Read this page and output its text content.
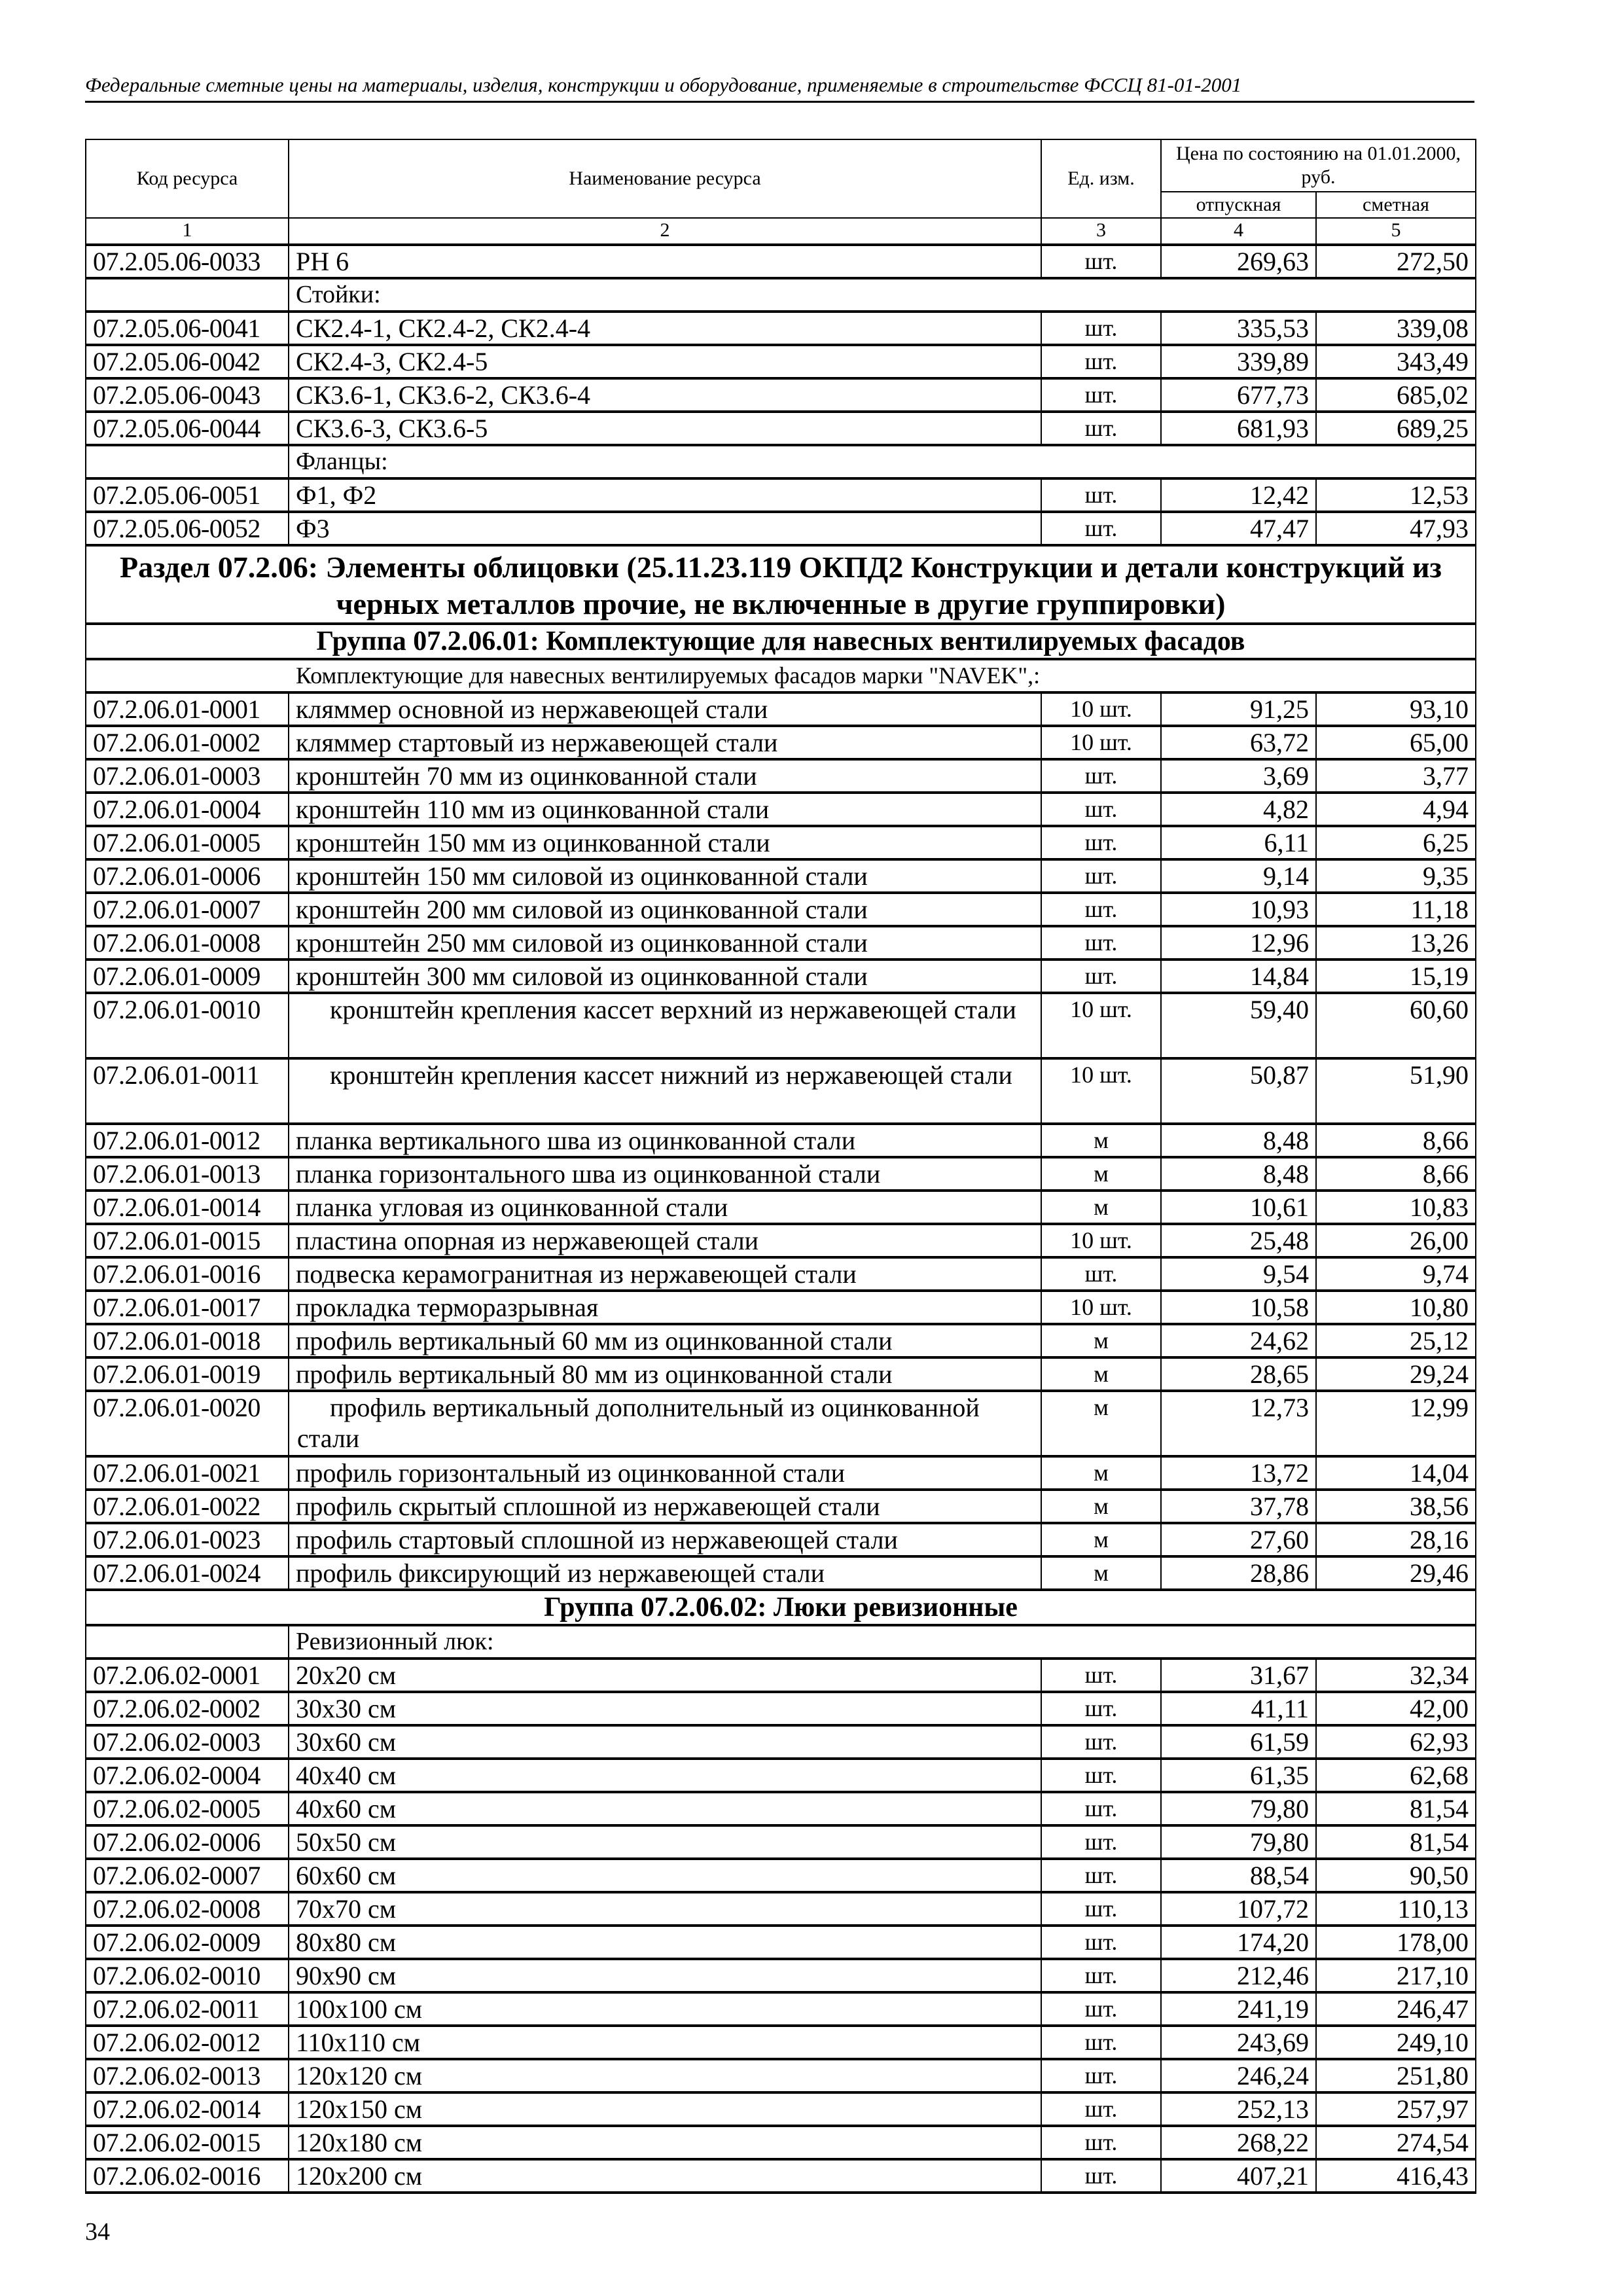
Федеральные сметные цены на материалы, изделия, конструкции и оборудование, применяемые в строительстве ФССЦ 81-01-2001
Код ресурса	Наименование ресурса	Ед. изм.	Цена по состоянию на 01.01.2000, руб.	
			отпускная	сметная
1	2	3	4	5
07.2.05.06-0033	РН 6	шт.	269,63	272,50
	Стойки:			
07.2.05.06-0041	СК2.4-1, СК2.4-2, СК2.4-4	шт.	335,53	339,08
07.2.05.06-0042	СК2.4-3, СК2.4-5	шт.	339,89	343,49
07.2.05.06-0043	СК3.6-1, СК3.6-2, СК3.6-4	шт.	677,73	685,02
07.2.05.06-0044	СК3.6-3, СК3.6-5	шт.	681,93	689,25
	Фланцы:			
07.2.05.06-0051	Ф1, Ф2	шт.	12,42	12,53
07.2.05.06-0052	Ф3	шт.	47,47	47,93
Раздел 07.2.06: Элементы облицовки (25.11.23.119 ОКПД2 Конструкции и детали конструкций из черных металлов прочие, не включенные в другие группировки)				
Группа 07.2.06.01: Комплектующие для навесных вентилируемых фасадов				
Комплектующие для навесных вентилируемых фасадов марки "NAVEK",:				
07.2.06.01-0001	кляммер основной из нержавеющей стали	10 шт.	91,25	93,10
07.2.06.01-0002	кляммер стартовый из нержавеющей стали	10 шт.	63,72	65,00
07.2.06.01-0003	кронштейн 70 мм из оцинкованной стали	шт.	3,69	3,77
07.2.06.01-0004	кронштейн 110 мм из оцинкованной стали	шт.	4,82	4,94
07.2.06.01-0005	кронштейн 150 мм из оцинкованной стали	шт.	6,11	6,25
07.2.06.01-0006	кронштейн 150 мм силовой из оцинкованной стали	шт.	9,14	9,35
07.2.06.01-0007	кронштейн 200 мм силовой из оцинкованной стали	шт.	10,93	11,18
07.2.06.01-0008	кронштейн 250 мм силовой из оцинкованной стали	шт.	12,96	13,26
07.2.06.01-0009	кронштейн 300 мм силовой из оцинкованной стали	шт.	14,84	15,19
07.2.06.01-0010	кронштейн крепления кассет верхний из нержавеющей стали	10 шт.	59,40	60,60
07.2.06.01-0011	кронштейн крепления кассет нижний из нержавеющей стали	10 шт.	50,87	51,90
07.2.06.01-0012	планка вертикального шва из оцинкованной стали	м	8,48	8,66
07.2.06.01-0013	планка горизонтального шва из оцинкованной стали	м	8,48	8,66
07.2.06.01-0014	планка угловая из оцинкованной стали	м	10,61	10,83
07.2.06.01-0015	пластина опорная из нержавеющей стали	10 шт.	25,48	26,00
07.2.06.01-0016	подвеска керамогранитная из нержавеющей стали	шт.	9,54	9,74
07.2.06.01-0017	прокладка терморазрывная	10 шт.	10,58	10,80
07.2.06.01-0018	профиль вертикальный 60 мм из оцинкованной стали	м	24,62	25,12
07.2.06.01-0019	профиль вертикальный 80 мм из оцинкованной стали	м	28,65	29,24
07.2.06.01-0020	профиль вертикальный дополнительный из оцинкованной стали	м	12,73	12,99
07.2.06.01-0021	профиль горизонтальный из оцинкованной стали	м	13,72	14,04
07.2.06.01-0022	профиль скрытый сплошной из нержавеющей стали	м	37,78	38,56
07.2.06.01-0023	профиль стартовый сплошной из нержавеющей стали	м	27,60	28,16
07.2.06.01-0024	профиль фиксирующий из нержавеющей стали	м	28,86	29,46
Группа 07.2.06.02: Люки ревизионные				
	Ревизионный люк:			
07.2.06.02-0001	20х20 см	шт.	31,67	32,34
07.2.06.02-0002	30х30 см	шт.	41,11	42,00
07.2.06.02-0003	30х60 см	шт.	61,59	62,93
07.2.06.02-0004	40х40 см	шт.	61,35	62,68
07.2.06.02-0005	40х60 см	шт.	79,80	81,54
07.2.06.02-0006	50х50 см	шт.	79,80	81,54
07.2.06.02-0007	60х60 см	шт.	88,54	90,50
07.2.06.02-0008	70х70 см	шт.	107,72	110,13
07.2.06.02-0009	80х80 см	шт.	174,20	178,00
07.2.06.02-0010	90х90 см	шт.	212,46	217,10
07.2.06.02-0011	100х100 см	шт.	241,19	246,47
07.2.06.02-0012	110х110 см	шт.	243,69	249,10
07.2.06.02-0013	120х120 см	шт.	246,24	251,80
07.2.06.02-0014	120х150 см	шт.	252,13	257,97
07.2.06.02-0015	120х180 см	шт.	268,22	274,54
07.2.06.02-0016	120х200 см	шт.	407,21	416,43
34
